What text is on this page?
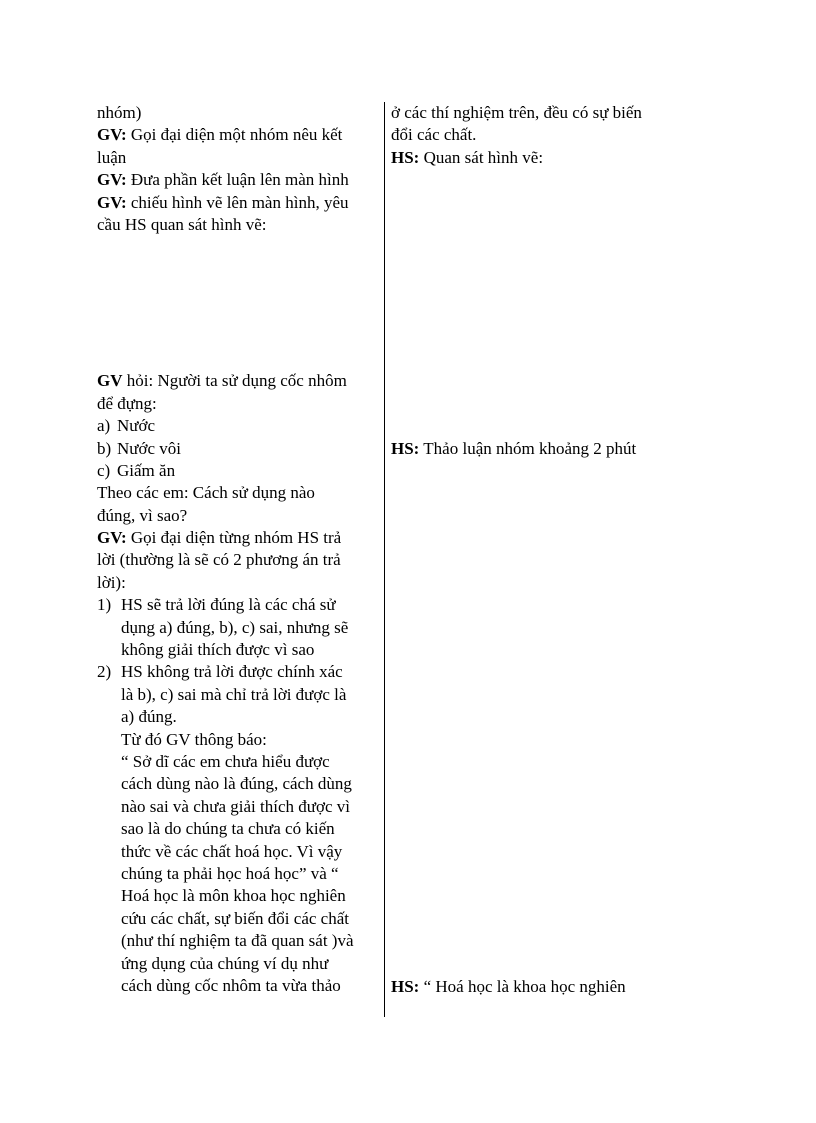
nhóm)
GV: Gọi đại diện một nhóm nêu kết
luận
GV: Đưa phần kết luận lên màn hình
GV: chiếu hình vẽ lên màn hình, yêu
cầu HS quan sát hình vẽ:
GV hỏi: Người ta sử dụng cốc nhôm
để đựng:
a) Nước
b) Nước vôi
c) Giấm ăn
Theo các em: Cách sử dụng nào
đúng, vì sao?
GV: Gọi đại diện từng nhóm HS trả
lời (thường là sẽ có 2 phương án trả
lời):
1) HS sẽ trả lời đúng là các chá sử
dụng a) đúng, b), c) sai, nhưng sẽ
không giải thích được vì sao
2) HS không trả lời được chính xác
là b), c) sai mà chỉ trả lời được là
a) đúng.
Từ đó GV thông báo:
“ Sở dĩ các em chưa hiểu được
cách dùng nào là đúng, cách dùng
nào sai và chưa giải thích được vì
sao là do chúng ta chưa có kiến
thức về các chất hoá học. Vì vậy
chúng ta phải học hoá học” và “
Hoá học là môn khoa học nghiên
cứu các chất, sự biến đổi các chất
(như thí nghiệm ta đã quan sát )và
ứng dụng của chúng ví dụ như
cách dùng cốc nhôm ta vừa thảo
ở các thí nghiệm trên, đều có sự biến
đổi các chất.
HS: Quan sát hình vẽ:
HS: Thảo luận nhóm khoảng 2 phút
HS: “ Hoá học là khoa học nghiên
